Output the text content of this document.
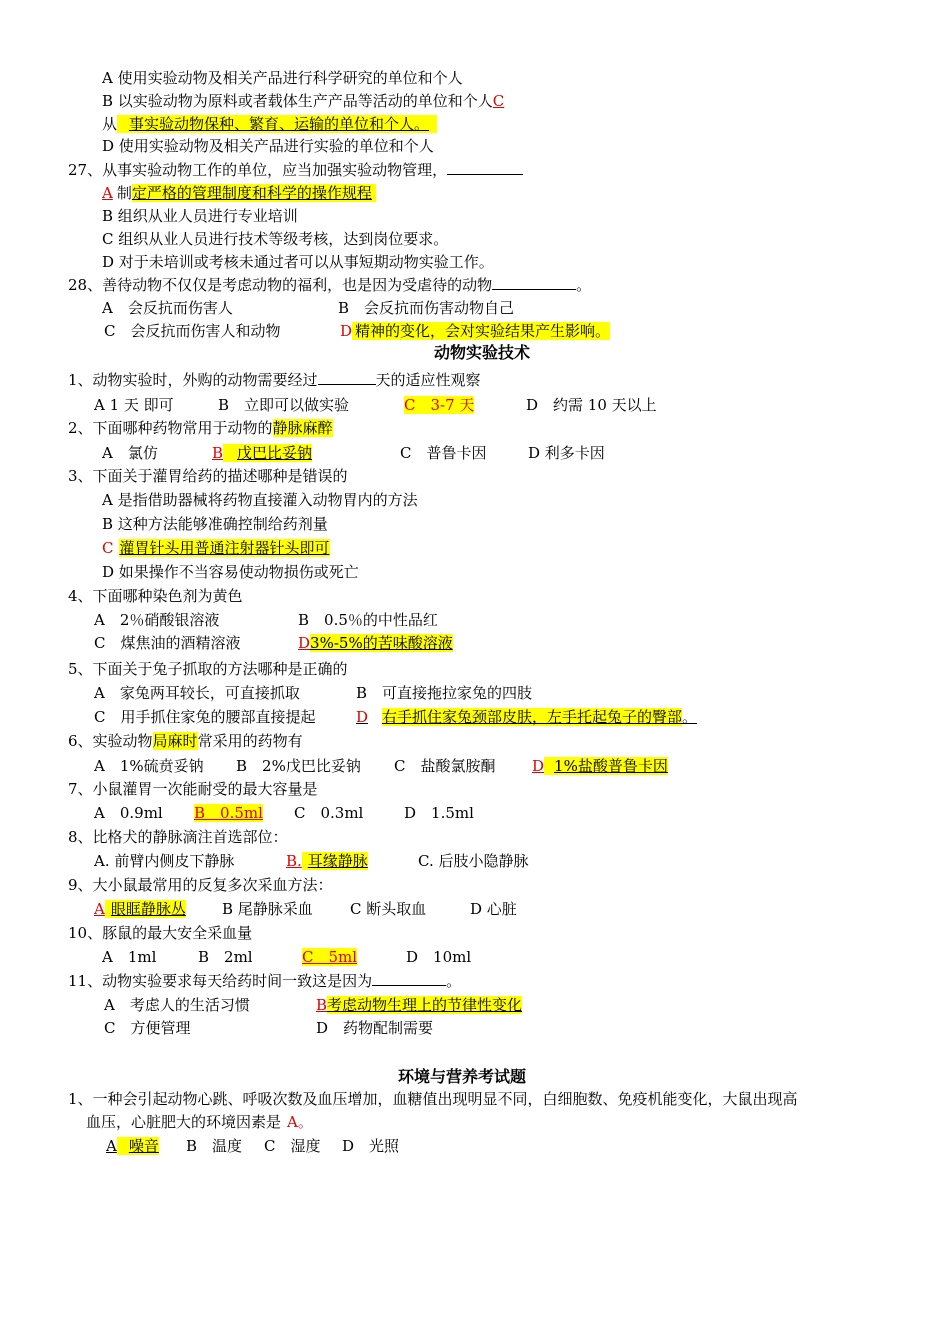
A 使用实验动物及相关产品进行科学研究的单位和个人
B 以实验动物为原料或者载体生产产品等活动的单位和个人C
从 事实验动物保种、繁育、运输的单位和个人。
D 使用实验动物及相关产品进行实验的单位和个人
27、从事实验动物工作的单位，应当加强实验动物管理，
A 制定严格的管理制度和科学的操作规程
B 组织从业人员进行专业培训
C 组织从业人员进行技术等级考核，达到岗位要求。
D 对于未培训或考核未通过者可以从事短期动物实验工作。
28、善待动物不仅仅是考虑动物的福利，也是因为受虐待的动物	。
A　会反抗而伤害人	B　会反抗而伤害动物自己
C　会反抗而伤害人和动物	D 精神的变化，会对实验结果产生影响。
动物实验技术
1、动物实验时，外购的动物需要经过	天的适应性观察
A 1 天 即可	B　立即可以做实验	C　3-7 天	D　约需 10 天以上
2、下面哪种药物常用于动物的静脉麻醉
A　氯仿	B 戊巴比妥钠	C　普鲁卡因	D 利多卡因
3、下面关于灌胃给药的描述哪种是错误的
A 是指借助器械将药物直接灌入动物胃内的方法
B 这种方法能够准确控制给药剂量
C 灌胃针头用普通注射器针头即可
D 如果操作不当容易使动物损伤或死亡
4、下面哪种染色剂为黄色
A　2％硝酸银溶液	B　0.5％的中性品红
C　煤焦油的酒精溶液	D3%-5%的苦味酸溶液
5、下面关于兔子抓取的方法哪种是正确的
A　家兔两耳较长，可直接抓取	B　可直接拖拉家兔的四肢
C　用手抓住家兔的腰部直接提起	D 右手抓住家兔颈部皮肤，左手托起兔子的臀部。
6、实验动物局麻时常采用的药物有
A　1%硫贲妥钠 B　2%戊巴比妥钠 C　盐酸氯胺酮 D 1%盐酸普鲁卡因
7、小鼠灌胃一次能耐受的最大容量是
A　0.9ml B　0.5ml C　0.3ml	D　1.5ml
8、比格犬的静脉滴注首选部位：
A. 前臂内侧皮下静脉	B. 耳缘静脉	C. 后肢小隐静脉
9、大小鼠最常用的反复多次采血方法：
A 眼眶静脉丛 B 尾静脉采血 C 断头取血	D 心脏
10、豚鼠的最大安全采血量
A　1ml	B　2ml	C　5ml	D　10ml
11、动物实验要求每天给药时间一致这是因为	。
A　考虑人的生活习惯	B考虑动物生理上的节律性变化
C　方便管理	D　药物配制需要
环境与营养考试题
1、一种会引起动物心跳、呼吸次数及血压增加，血糖值出现明显不同，白细胞数、免疫机能变化，大鼠出现高
血压，心脏肥大的环境因素是 A。
A 噪音 B　温度 C　湿度 D　光照
